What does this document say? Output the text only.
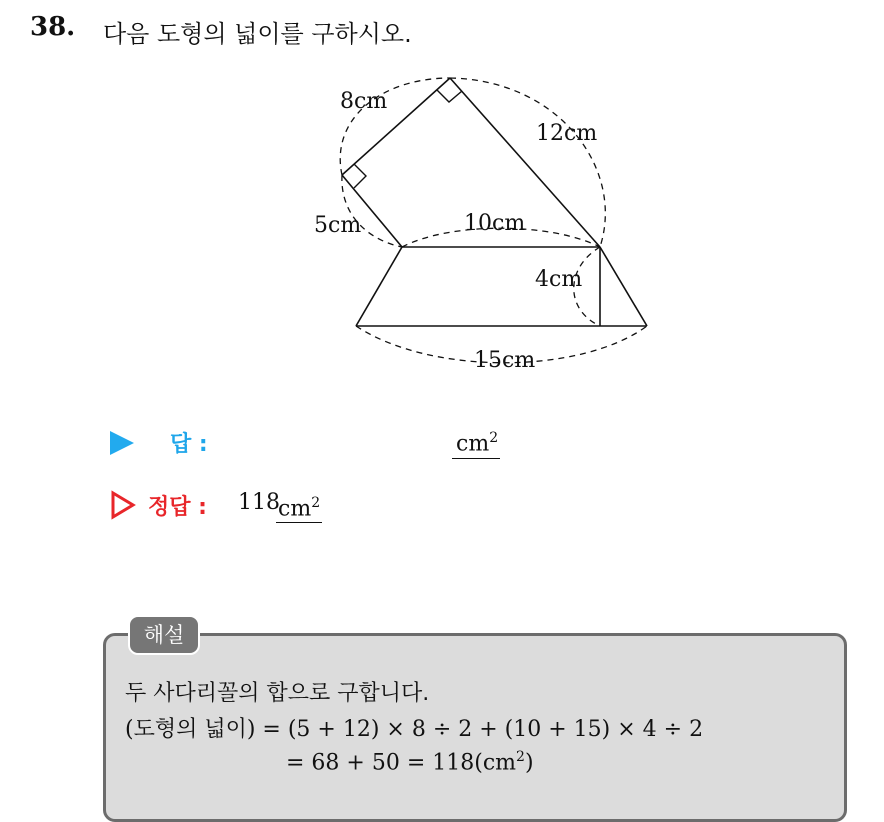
38. 다음 도형의 넓이를 구하시오.
8cm
12cm
5cm	10cm
4cm
15cm
답 :	$cm^2$
정답 : 118
$cm^2$
해설
두 사다리꼴의 합으로 구합니다.
(도형의 넓이) = (5 + 12) × 8 ÷ 2 + (10 + 15) × 4 ÷ 2
= $68 + 50 = 118(cm^2)$
